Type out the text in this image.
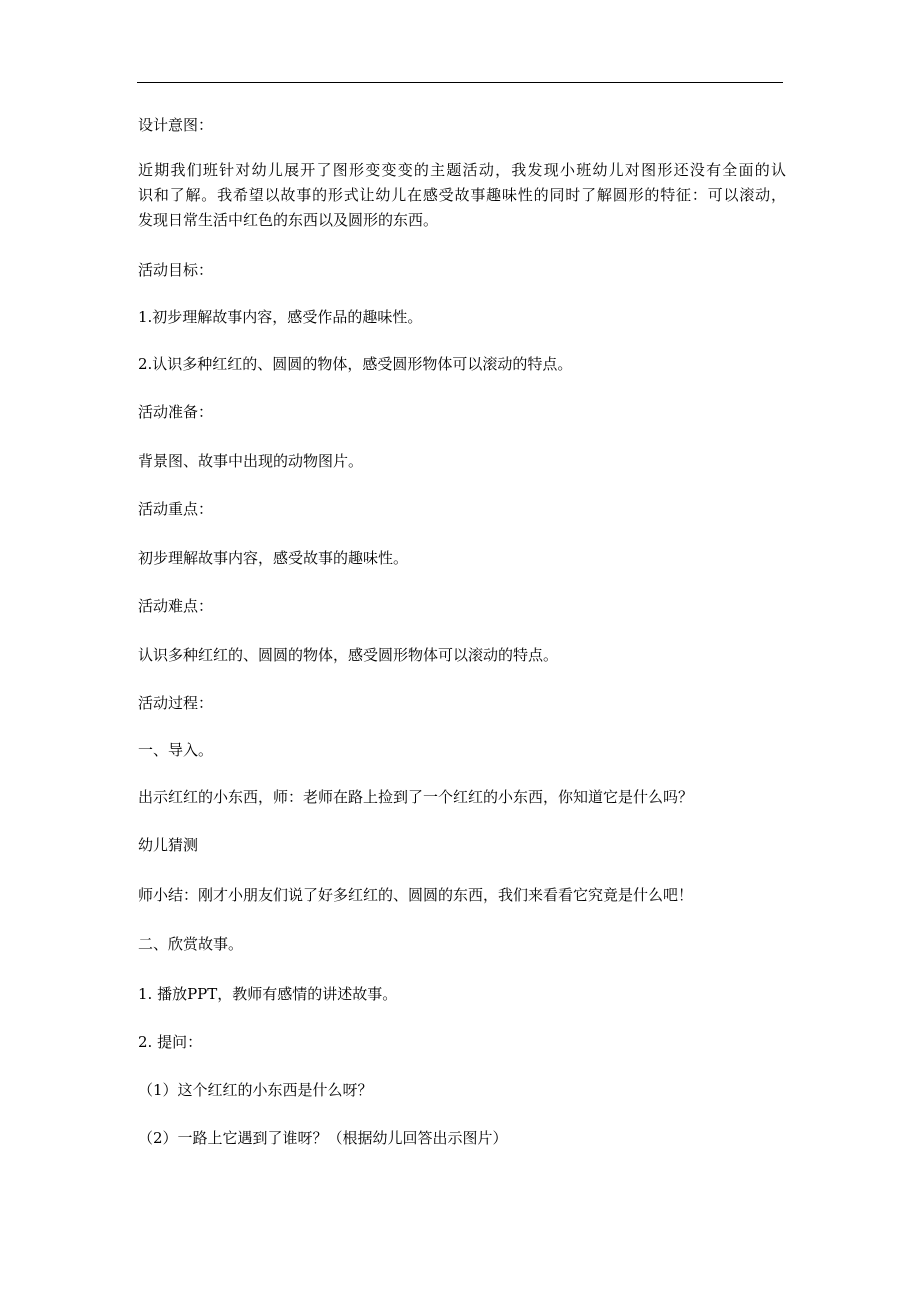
设计意图：
近期我们班针对幼儿展开了图形变变变的主题活动，我发现小班幼儿对图形还没有全面的认
识和了解。我希望以故事的形式让幼儿在感受故事趣味性的同时了解圆形的特征：可以滚动，
发现日常生活中红色的东西以及圆形的东西。
活动目标：
1.初步理解故事内容，感受作品的趣味性。
2.认识多种红红的、圆圆的物体，感受圆形物体可以滚动的特点。
活动准备：
背景图、故事中出现的动物图片。
活动重点：
初步理解故事内容，感受故事的趣味性。
活动难点：
认识多种红红的、圆圆的物体，感受圆形物体可以滚动的特点。
活动过程：
一、导入。
出示红红的小东西，师：老师在路上捡到了一个红红的小东西，你知道它是什么吗？
幼儿猜测
师小结：刚才小朋友们说了好多红红的、圆圆的东西，我们来看看它究竟是什么吧！
二、欣赏故事。
1. 播放PPT，教师有感情的讲述故事。
2. 提问：
（1）这个红红的小东西是什么呀？
（2）一路上它遇到了谁呀？（根据幼儿回答出示图片）
